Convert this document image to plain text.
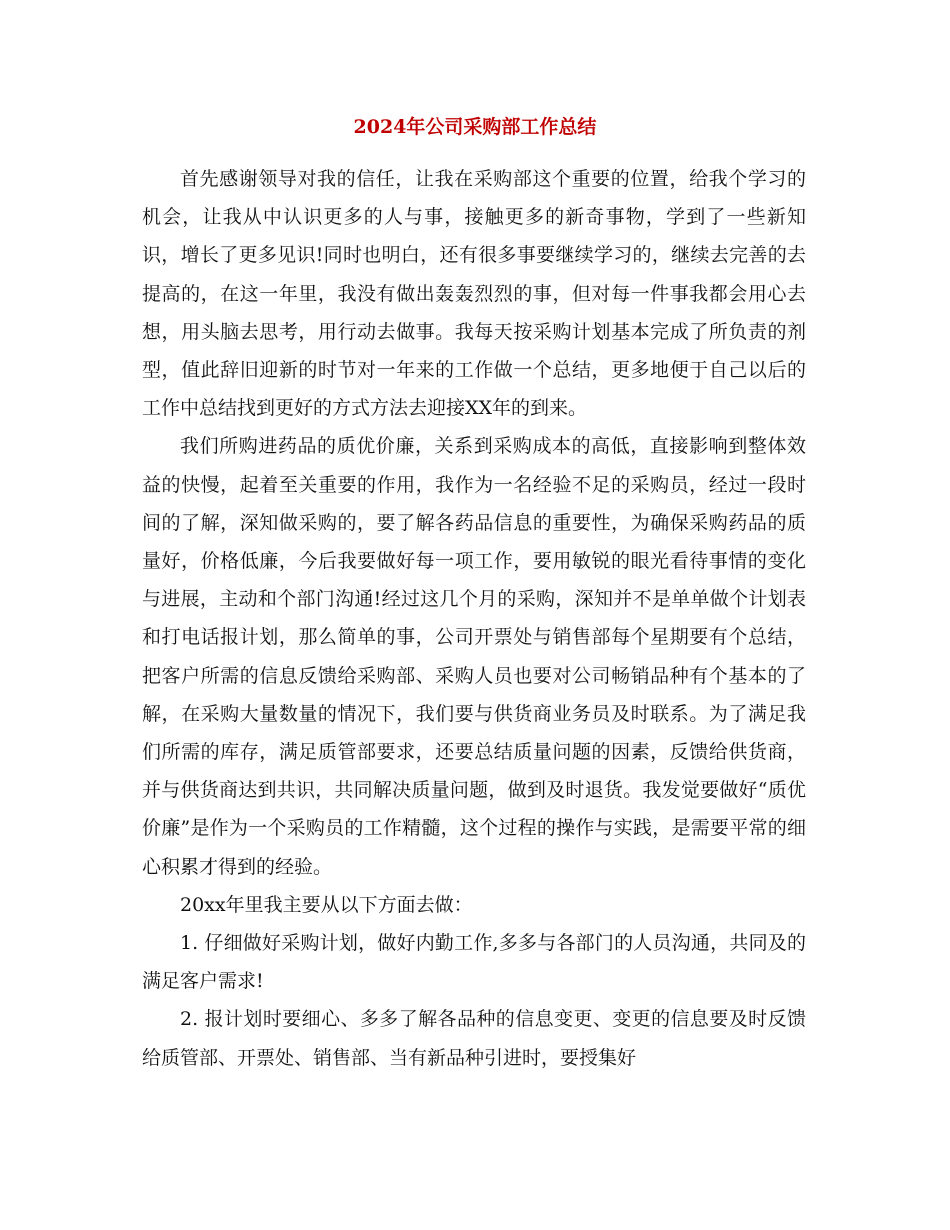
2024年公司采购部工作总结

首先感谢领导对我的信任，让我在采购部这个重要的位置，给我个学习的机会，让我从中认识更多的人与事，接触更多的新奇事物，学到了一些新知识，增长了更多见识!同时也明白，还有很多事要继续学习的，继续去完善的去提高的，在这一年里，我没有做出轰轰烈烈的事，但对每一件事我都会用心去想，用头脑去思考，用行动去做事。我每天按采购计划基本完成了所负责的剂型，值此辞旧迎新的时节对一年来的工作做一个总结，更多地便于自己以后的工作中总结找到更好的方式方法去迎接XX年的到来。

我们所购进药品的质优价廉，关系到采购成本的高低，直接影响到整体效益的快慢，起着至关重要的作用，我作为一名经验不足的采购员，经过一段时间的了解，深知做采购的，要了解各药品信息的重要性，为确保采购药品的质量好，价格低廉，今后我要做好每一项工作，要用敏锐的眼光看待事情的变化与进展，主动和个部门沟通!经过这几个月的采购，深知并不是单单做个计划表和打电话报计划，那么简单的事，公司开票处与销售部每个星期要有个总结，把客户所需的信息反馈给采购部、采购人员也要对公司畅销品种有个基本的了解，在采购大量数量的情况下，我们要与供货商业务员及时联系。为了满足我们所需的库存，满足质管部要求，还要总结质量问题的因素，反馈给供货商，并与供货商达到共识，共同解决质量问题，做到及时退货。我发觉要做好“质优价廉”是作为一个采购员的工作精髓，这个过程的操作与实践，是需要平常的细心积累才得到的经验。

20xx年里我主要从以下方面去做：

1. 仔细做好采购计划，做好内勤工作,多多与各部门的人员沟通，共同及的满足客户需求!

2. 报计划时要细心、多多了解各品种的信息变更、变更的信息要及时反馈给质管部、开票处、销售部、当有新品种引进时，要授集好
